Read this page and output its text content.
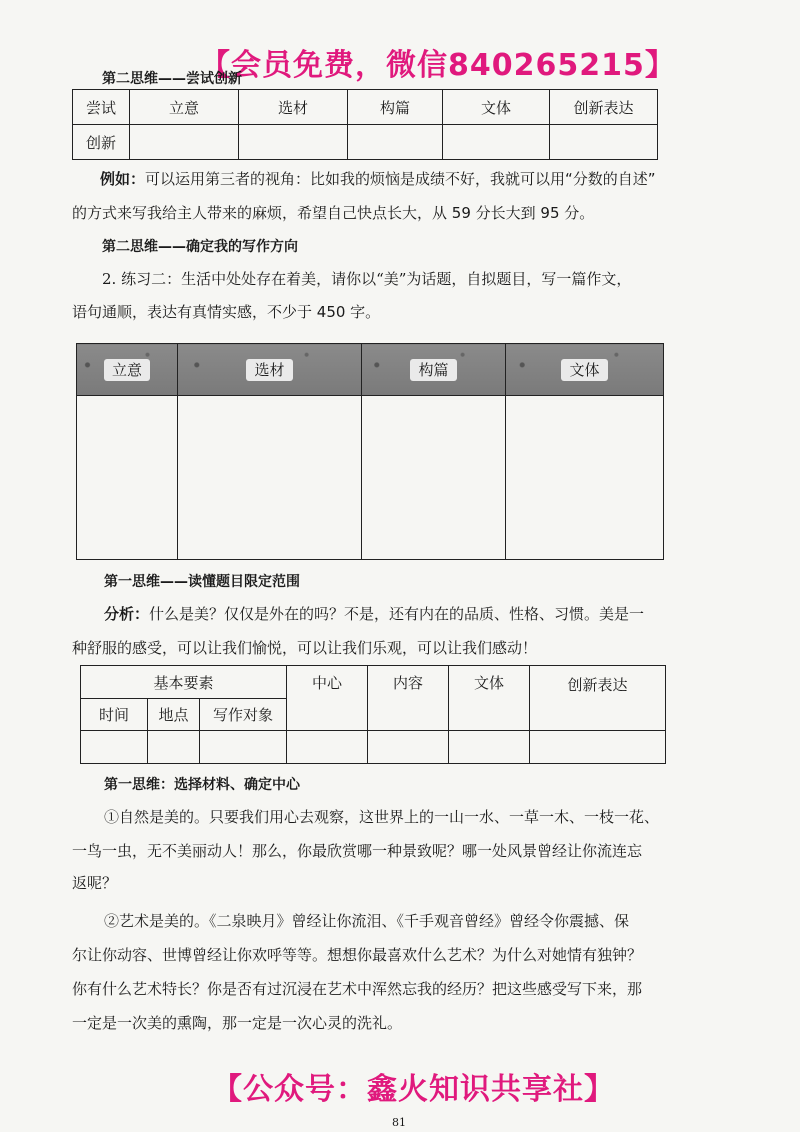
【会员免费，微信840265215】
第二思维——尝试创新
尝试	立意	选材	构篇	文体	创新表达
创新					
例如：可以运用第三者的视角：比如我的烦恼是成绩不好，我就可以用“分数的自述”
的方式来写我给主人带来的麻烦，希望自己快点长大，从 59 分长大到 95 分。
第二思维——确定我的写作方向
2. 练习二：生活中处处存在着美，请你以“美”为话题，自拟题目，写一篇作文，
语句通顺，表达有真情实感，不少于 450 字。
立意	选材	构篇	文体

第一思维——读懂题目限定范围
分析：什么是美？仅仅是外在的吗？不是，还有内在的品质、性格、习惯。美是一
种舒服的感受，可以让我们愉悦，可以让我们乐观，可以让我们感动！
基本要素			中心	内容	文体	创新表达
时间	地点	写作对象				

第一思维：选择材料、确定中心
①自然是美的。只要我们用心去观察，这世界上的一山一水、一草一木、一枝一花、
一鸟一虫，无不美丽动人！那么，你最欣赏哪一种景致呢？哪一处风景曾经让你流连忘
返呢？
②艺术是美的。《二泉映月》曾经让你流泪、《千手观音曾经》曾经令你震撼、保
尔让你动容、世博曾经让你欢呼等等。想想你最喜欢什么艺术？为什么对她情有独钟？
你有什么艺术特长？你是否有过沉浸在艺术中浑然忘我的经历？把这些感受写下来，那
一定是一次美的熏陶，那一定是一次心灵的洗礼。
【公众号：鑫火知识共享社】
81
